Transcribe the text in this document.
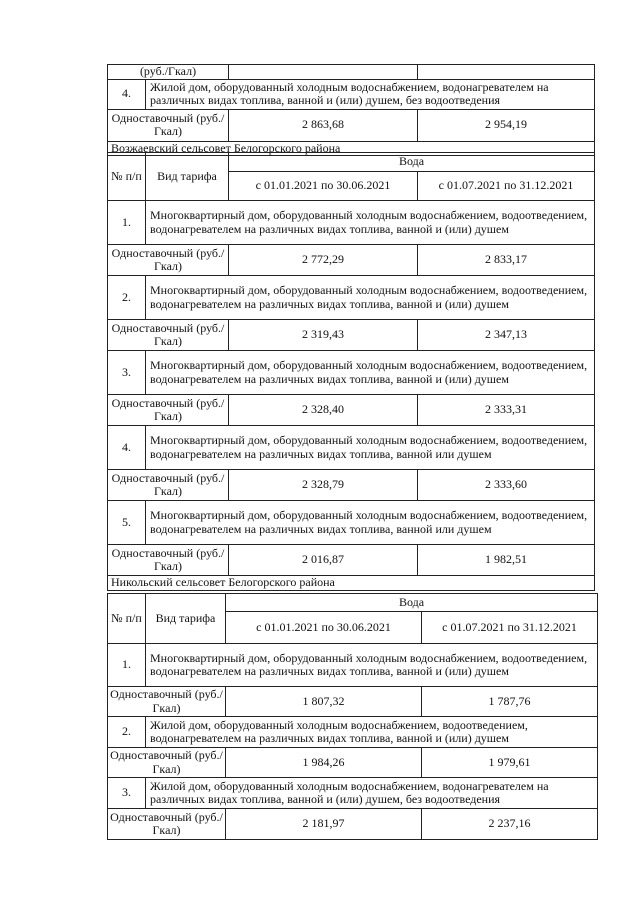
(руб./Гкал)			
4.	Жилой дом, оборудованный холодным водоснабжением, водонагревателем на различных видах топлива, ванной и (или) душем, без водоотведения		
Одноставочный (руб./Гкал)		2 863,68	2 954,19
Возжаевский сельсовет Белогорского района			
№ п/п	Вид тарифа	Вода	
		с 01.01.2021 по 30.06.2021	с 01.07.2021 по 31.12.2021
1.	Многоквартирный дом, оборудованный холодным водоснабжением, водоотведением, водонагревателем на различных видах топлива, ванной и (или) душем		
Одноставочный (руб./Гкал)		2 772,29	2 833,17
2.	Многоквартирный дом, оборудованный холодным водоснабжением, водоотведением, водонагревателем на различных видах топлива, ванной и (или) душем		
Одноставочный (руб./Гкал)		2 319,43	2 347,13
3.	Многоквартирный дом, оборудованный холодным водоснабжением, водоотведением, водонагревателем на различных видах топлива, ванной и (или) душем		
Одноставочный (руб./Гкал)		2 328,40	2 333,31
4.	Многоквартирный дом, оборудованный холодным водоснабжением, водоотведением, водонагревателем на различных видах топлива, ванной или душем		
Одноставочный (руб./Гкал)		2 328,79	2 333,60
5.	Многоквартирный дом, оборудованный холодным водоснабжением, водоотведением, водонагревателем на различных видах топлива, ванной или душем		
Одноставочный (руб./Гкал)		2 016,87	1 982,51
Никольский сельсовет Белогорского района			
№ п/п	Вид тарифа	Вода	
		с 01.01.2021 по 30.06.2021	с 01.07.2021 по 31.12.2021
1.	Многоквартирный дом, оборудованный холодным водоснабжением, водоотведением, водонагревателем на различных видах топлива, ванной и (или) душем		
Одноставочный (руб./Гкал)		1 807,32	1 787,76
2.	Жилой дом, оборудованный холодным водоснабжением, водоотведением, водонагревателем на различных видах топлива, ванной и (или) душем		
Одноставочный (руб./Гкал)		1 984,26	1 979,61
3.	Жилой дом, оборудованный холодным водоснабжением, водонагревателем на различных видах топлива, ванной и (или) душем, без водоотведения		
Одноставочный (руб./Гкал)		2 181,97	2 237,16
